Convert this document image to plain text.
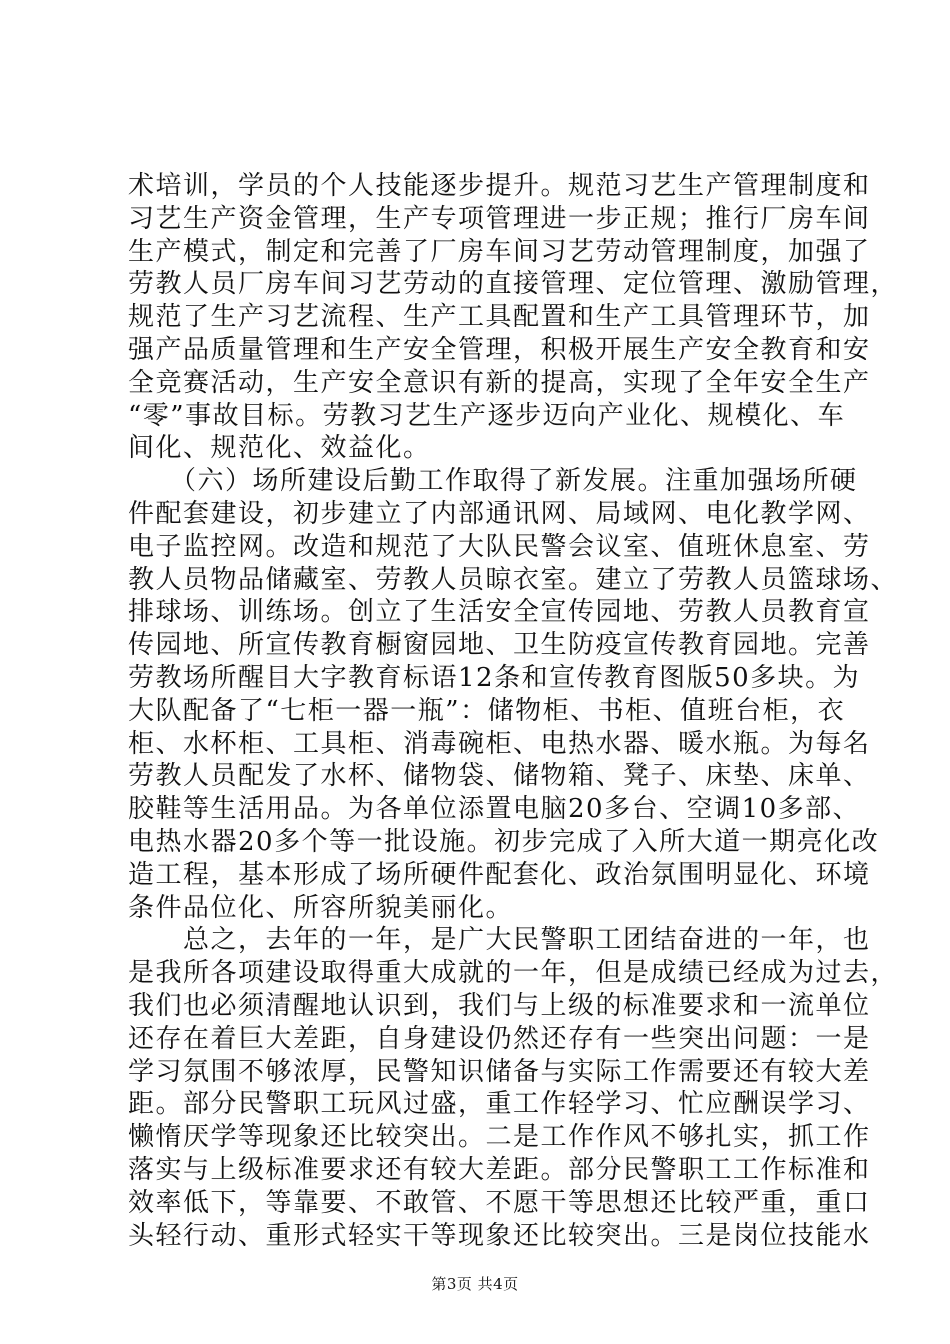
术培训，学员的个人技能逐步提升。规范习艺生产管理制度和
习艺生产资金管理，生产专项管理进一步正规；推行厂房车间
生产模式，制定和完善了厂房车间习艺劳动管理制度，加强了
劳教人员厂房车间习艺劳动的直接管理、定位管理、激励管理，
规范了生产习艺流程、生产工具配置和生产工具管理环节，加
强产品质量管理和生产安全管理，积极开展生产安全教育和安
全竞赛活动，生产安全意识有新的提高，实现了全年安全生产
“零”事故目标。劳教习艺生产逐步迈向产业化、规模化、车
间化、规范化、效益化。
　　（六）场所建设后勤工作取得了新发展。注重加强场所硬
件配套建设，初步建立了内部通讯网、局域网、电化教学网、
电子监控网。改造和规范了大队民警会议室、值班休息室、劳
教人员物品储藏室、劳教人员晾衣室。建立了劳教人员篮球场、
排球场、训练场。创立了生活安全宣传园地、劳教人员教育宣
传园地、所宣传教育橱窗园地、卫生防疫宣传教育园地。完善
劳教场所醒目大字教育标语12条和宣传教育图版50多块。为
大队配备了“七柜一器一瓶”：储物柜、书柜、值班台柜，衣
柜、水杯柜、工具柜、消毒碗柜、电热水器、暖水瓶。为每名
劳教人员配发了水杯、储物袋、储物箱、凳子、床垫、床单、
胶鞋等生活用品。为各单位添置电脑20多台、空调10多部、
电热水器20多个等一批设施。初步完成了入所大道一期亮化改
造工程，基本形成了场所硬件配套化、政治氛围明显化、环境
条件品位化、所容所貌美丽化。
　　总之，去年的一年，是广大民警职工团结奋进的一年，也
是我所各项建设取得重大成就的一年，但是成绩已经成为过去，
我们也必须清醒地认识到，我们与上级的标准要求和一流单位
还存在着巨大差距，自身建设仍然还存有一些突出问题：一是
学习氛围不够浓厚，民警知识储备与实际工作需要还有较大差
距。部分民警职工玩风过盛，重工作轻学习、忙应酬误学习、
懒惰厌学等现象还比较突出。二是工作作风不够扎实，抓工作
落实与上级标准要求还有较大差距。部分民警职工工作标准和
效率低下，等靠要、不敢管、不愿干等思想还比较严重，重口
头轻行动、重形式轻实干等现象还比较突出。三是岗位技能水
第3页 共4页
